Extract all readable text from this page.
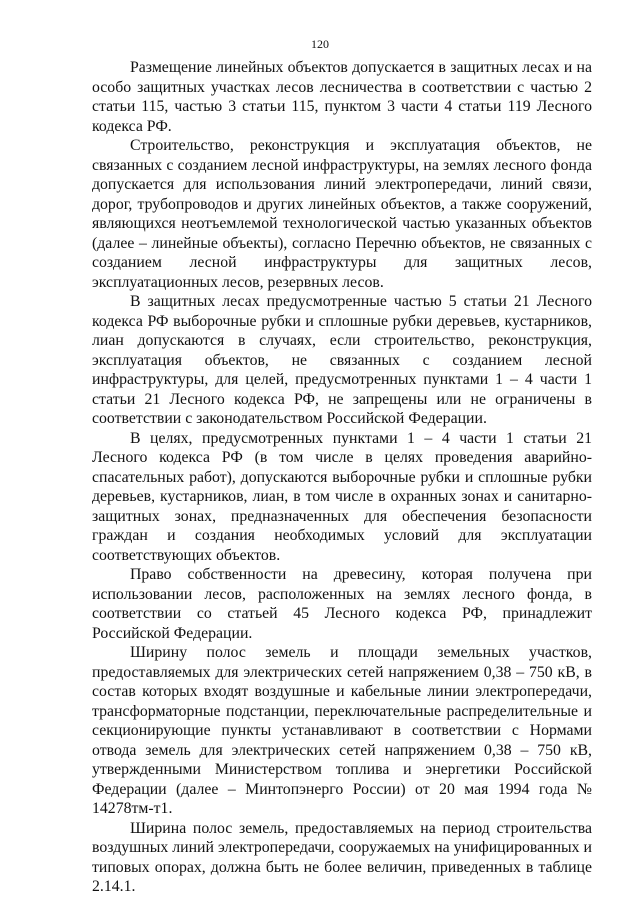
120

Размещение линейных объектов допускается в защитных лесах и на особо защитных участках лесов лесничества в соответствии с частью 2 статьи 115, частью 3 статьи 115, пунктом 3 части 4 статьи 119 Лесного кодекса РФ.

Строительство, реконструкция и эксплуатация объектов, не связанных с созданием лесной инфраструктуры, на землях лесного фонда допускается для использования линий электропередачи, линий связи, дорог, трубопроводов и других линейных объектов, а также сооружений, являющихся неотъемлемой технологической частью указанных объектов (далее – линейные объекты), согласно Перечню объектов, не связанных с созданием лесной инфраструктуры для защитных лесов, эксплуатационных лесов, резервных лесов.

В защитных лесах предусмотренные частью 5 статьи 21 Лесного кодекса РФ выборочные рубки и сплошные рубки деревьев, кустарников, лиан допускаются в случаях, если строительство, реконструкция, эксплуатация объектов, не связанных с созданием лесной инфраструктуры, для целей, предусмотренных пунктами 1 – 4 части 1 статьи 21 Лесного кодекса РФ, не запрещены или не ограничены в соответствии с законодательством Российской Федерации.

В целях, предусмотренных пунктами 1 – 4 части 1 статьи 21 Лесного кодекса РФ (в том числе в целях проведения аварийно-спасательных работ), допускаются выборочные рубки и сплошные рубки деревьев, кустарников, лиан, в том числе в охранных зонах и санитарно-защитных зонах, предназначенных для обеспечения безопасности граждан и создания необходимых условий для эксплуатации соответствующих объектов.

Право собственности на древесину, которая получена при использовании лесов, расположенных на землях лесного фонда, в соответствии со статьей 45 Лесного кодекса РФ, принадлежит Российской Федерации.

Ширину полос земель и площади земельных участков, предоставляемых для электрических сетей напряжением 0,38 – 750 кВ, в состав которых входят воздушные и кабельные линии электропередачи, трансформаторные подстанции, переключательные распределительные и секционирующие пункты устанавливают в соответствии с Нормами отвода земель для электрических сетей напряжением 0,38 – 750 кВ, утвержденными Министерством топлива и энергетики Российской Федерации (далее – Минтопэнерго России) от 20 мая 1994 года № 14278тм-т1.

Ширина полос земель, предоставляемых на период строительства воздушных линий электропередачи, сооружаемых на унифицированных и типовых опорах, должна быть не более величин, приведенных в таблице 2.14.1.
